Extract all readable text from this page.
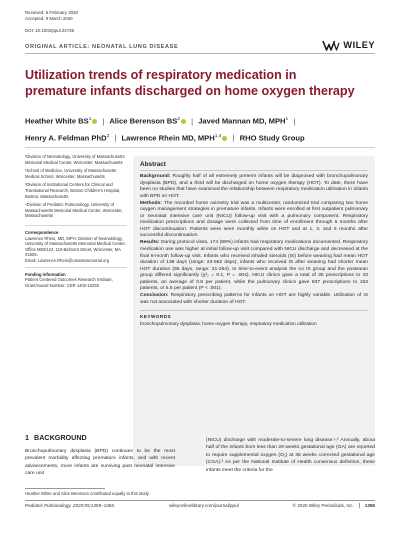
Received: 5 February 2020
Accepted: 9 March 2020
DOI: 10.1002/ppul.24735
ORIGINAL ARTICLE: NEONATAL LUNG DISEASE	WILEY
Utilization trends of respiratory medication in premature infants discharged on home oxygen therapy
Heather White $BS^1$ | Alice Berenson $BS^2$ | Javed Mannan MD, MPH$^1$ |
Henry A. Feldman PhD$^3$ | Lawrence Rhein MD, MPH$^{1,4}$ | RHO Study Group
¹Division of Neonatology, University of Massachusetts Memorial Medical Center, Worcester, Massachusetts
²School of Medicine, University of Massachusetts Medical School, Worcester, Massachusetts
³Division of Institutional Centers for Clinical and Translational Research, Boston Children's Hospital, Boston, Massachusetts
⁴Division of Pediatric Pulmonology, University of Massachusetts Memorial Medical Center, Worcester, Massachusetts
Correspondence
Lawrence Rhein, MD, MPH, Division of Neonatology, University of Massachusetts Memorial Medical Center, Office M82/124, 119 Belmont Street, Worcester, MA 01605.
Email: Lawrence.Rhein@umassmemorial.org
Funding information
Patient Centered Outcomes Research Institute, Grant/Award Number: CER 1402-10292
Abstract

Background: Roughly half of all extremely preterm infants will be diagnosed with bronchopulmonary dysplasia (BPD), and a third will be discharged on home oxygen therapy (HOT). To date, there have been no studies that have examined the relationship between respiratory medication utilization in infants with BPD on HOT.

Methods: The recorded home oximetry trial was a multicenter, randomized trial comparing two home oxygen management strategies in premature infants. Infants were enrolled at first outpatient pulmonary or neonatal intensive care unit (NICU) follow-up visit with a pulmonary component. Respiratory medication prescriptions and dosage were collected from time of enrollment through 6 months after HOT discontinuation. Patients were seen monthly while on HOT and at 1, 3, and 6 months after successful discontinuation.

Results: During protocol visits, 174 (89%) infants had respiratory medications documented. Respiratory medication use was higher at initial follow-up visit compared with NICU discharge and decreased at the final 6-month follow-up visit. Infants who received inhaled steroids (IS) before weaning had mean HOT duration of 138 days (range: 24-562 days); infants who received IS after weaning had shorter mean HOT duration (55 days, range: 21-264). In time-to-event analysis the no IS group and the postwean group differed significantly (χ²₁ = 8.1; P = .004). NICU clinics gave a total of 35 prescriptions to 43 patients, an average of 0.8 per patient, while the pulmonary clinics gave 837 prescriptions to 153 patients, or 5.5 per patient (P < .001).

Conclusion: Respiratory prescribing patterns for infants on HOT are highly variable. Utilization of IS was not associated with shorter duration of HOT.

KEYWORDS
bronchopulmonary dysplasia, home oxygen therapy, respiratory medication utilization
1 BACKGROUND

Bronchopulmonary dysplasia (BPD) continues to be the most prevalent morbidity affecting premature infants, and with recent advancements, more infants are surviving past neonatal intensive care unit

(NICU) discharge with moderate-to-severe lung disease.¹,² Annually, about half of the infants born less than 29 weeks gestational age (GA) are reported to require supplemental oxygen (O₂) at 36 weeks corrected gestational age (CGA).³ As per the National Institute of Health consensus definition, these infants meet the criteria for the

Heather White and Alice Berenson contributed equally to this study.
Pediatric Pulmonology. 2020;55:1359–1365.	wileyonlinelibrary.com/journal/ppul	© 2020 Wiley Periodicals, Inc.	1359
